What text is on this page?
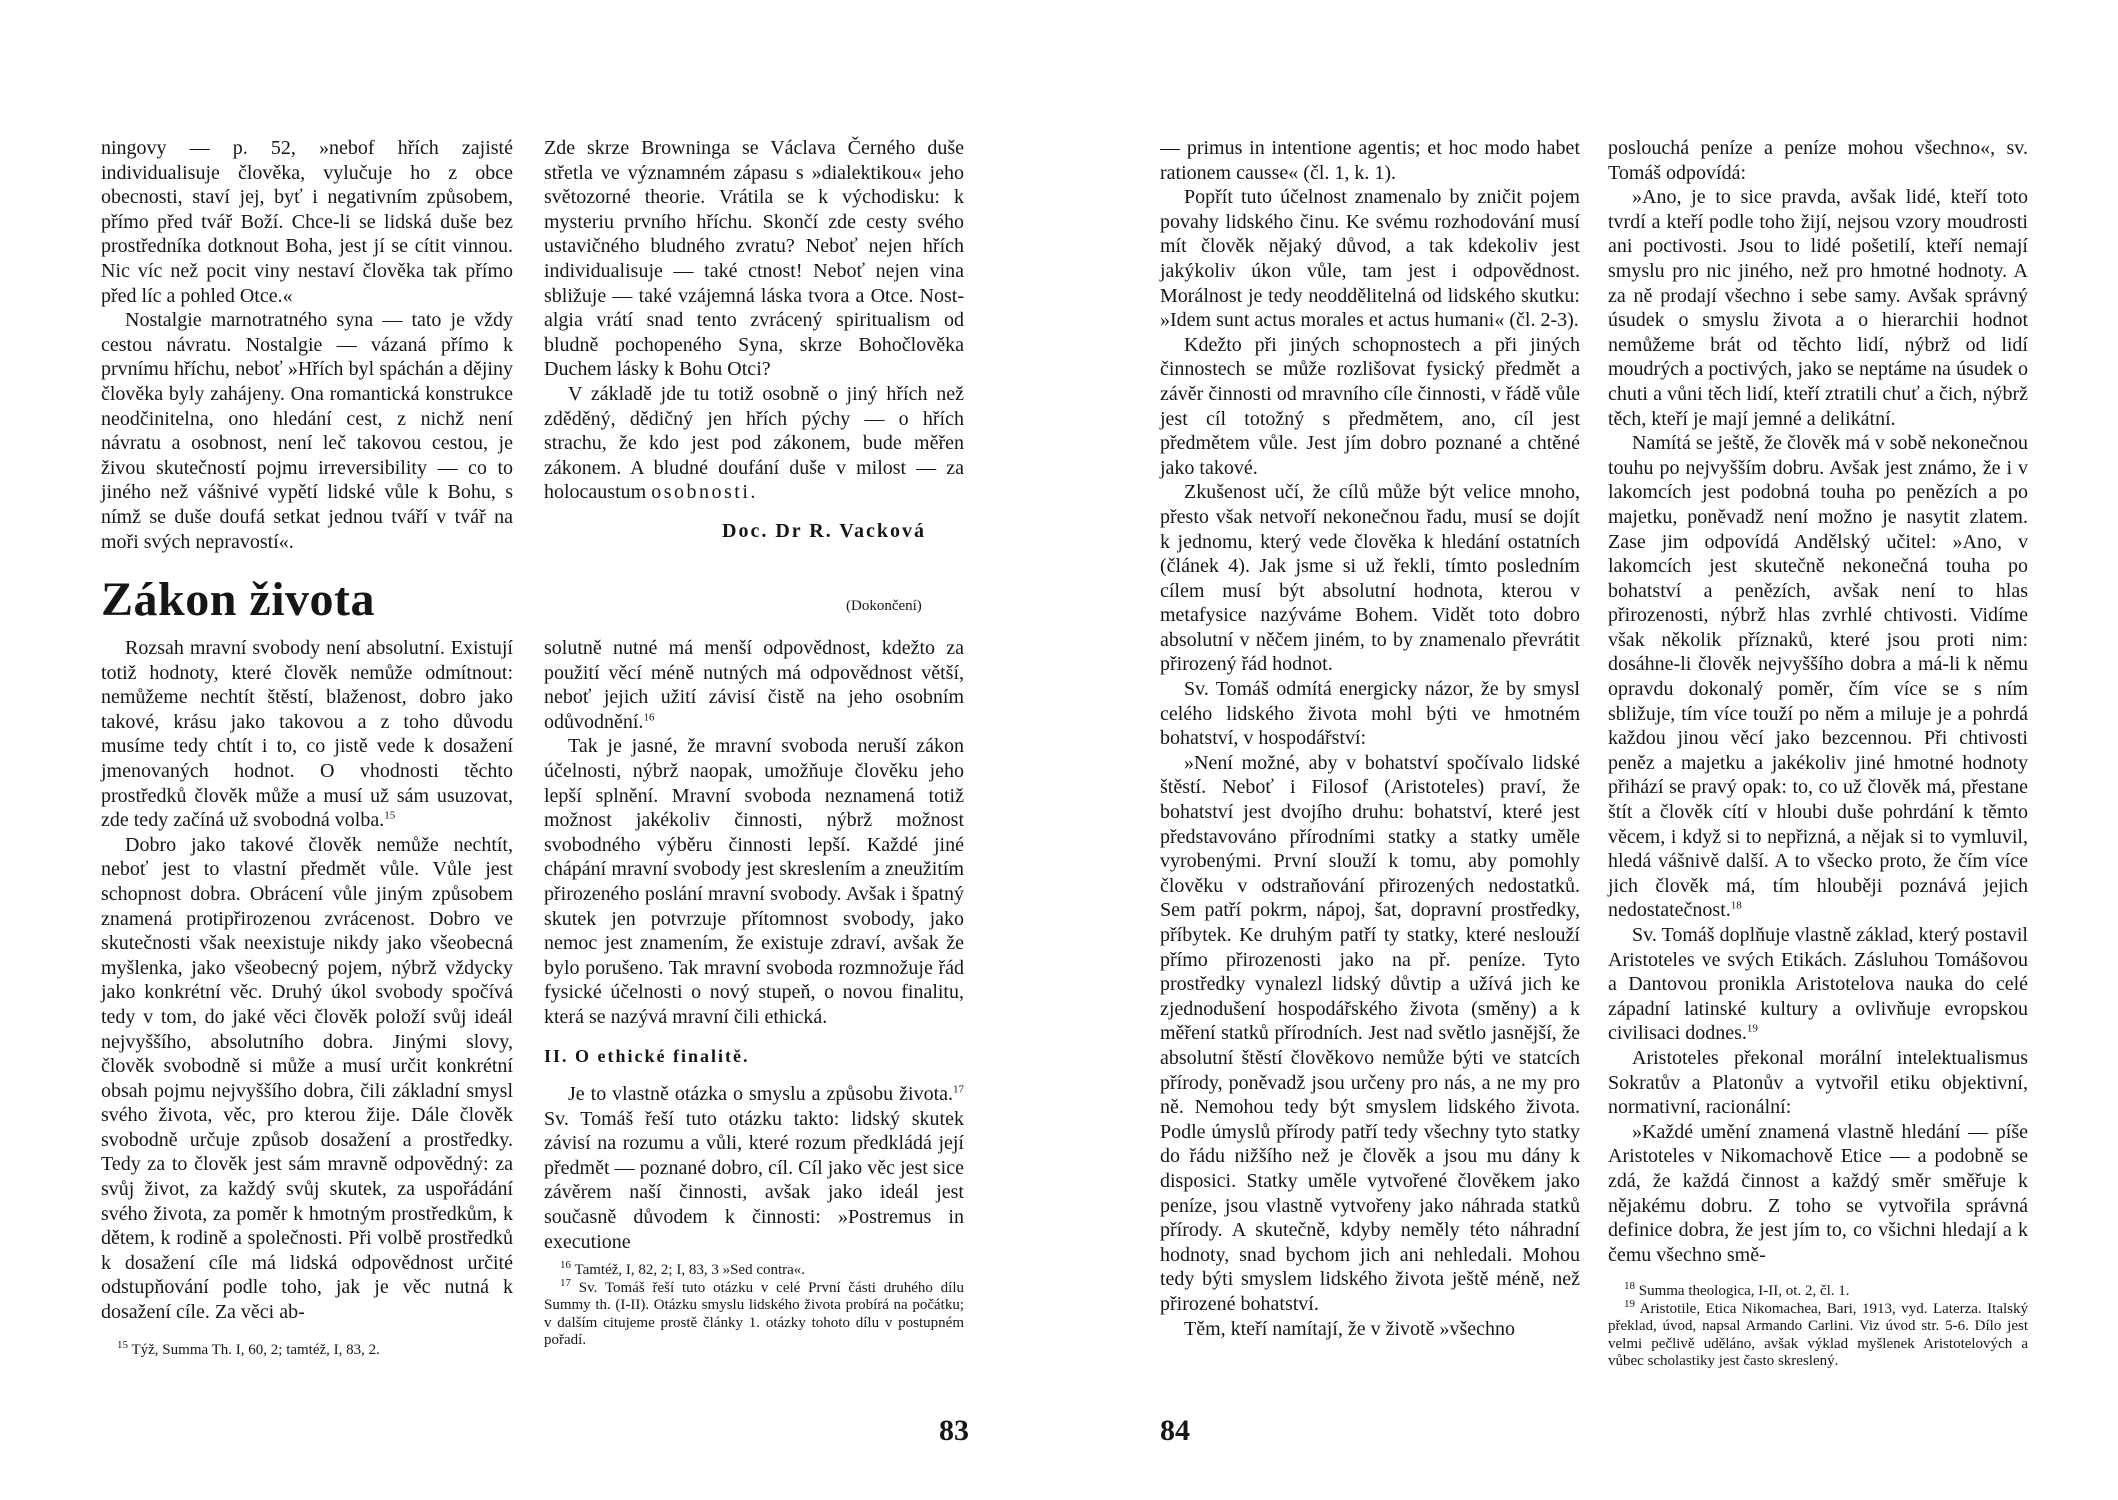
ningovy — p. 52, »nebof hřích zajisté individualisuje člověka, vylučuje ho z obce obecnosti, staví jej, byť i negativním způsobem, přímo před tvář Boží. Chce-li se lidská duše bez prostředníka dotknout Boha, jest jí se cítit vinnou. Nic víc než pocit viny nestaví člověka tak přímo před líc a pohled Otce.«

Nostalgie marnotratného syna — tato je vždy cestou návratu. Nostalgie — vázaná přímo k prvnímu hříchu, neboť »Hřích byl spáchán a dějiny člověka byly zahájeny. Ona romantická konstrukce neodčinitelna, ono hledání cest, z nichž není návratu a osobnost, není leč takovou cestou, je živou skutečností pojmu irreversibility — co to jiného než vášnivé vypětí lidské vůle k Bohu, s nímž se duše doufá setkat jednou tváří v tvář na moři svých nepravostí«.

Zde skrze Browninga se Václava Černého duše střetla ve významném zápasu s »dialektikou« jeho světozorné theorie. Vrátila se k východisku: k mysteriu prvního hříchu. Skončí zde cesty svého ustavičného bludného zvratu? Neboť nejen hřích individualisuje — také ctnost! Neboť nejen vina sbližuje — také vzájemná láska tvora a Otce. Nost- algia vrátí snad tento zvrácený spiritualism od bludně pochopeného Syna, skrze Bohočlověka Duchem lásky k Bohu Otci?

V základě jde tu totiž osobně o jiný hřích než zděděný, dědičný jen hřích pýchy — o hřích strachu, že kdo jest pod zákonem, bude měřen zákonem. A bludné doufání duše v milost — za holocaustum osobnosti.

Doc. Dr R. Vacková
Zákon života	(Dokončení)

Rozsah mravní svobody není absolutní. Existují totiž hodnoty, které člověk nemůže odmítnout: nemůžeme nechtít štěstí, blaženost, dobro jako takové, krásu jako takovou a z toho důvodu musíme tedy chtít i to, co jistě vede k dosažení jmenovaných hodnot. O vhodnosti těchto prostředků člověk může a musí už sám usuzovat, zde tedy začíná už svobodná volba.$^{15}$

Dobro jako takové člověk nemůže nechtít, neboť jest to vlastní předmět vůle. Vůle jest schopnost dobra. Obrácení vůle jiným způsobem znamená protipřirozenou zvrácenost. Dobro ve skutečnosti však neexistuje nikdy jako všeobecná myšlenka, jako všeobecný pojem, nýbrž vždycky jako konkrétní věc. Druhý úkol svobody spočívá tedy v tom, do jaké věci člověk položí svůj ideál nejvyššího, absolutního dobra. Jinými slovy, člověk svobodně si může a musí určit konkrétní obsah pojmu nejvyššího dobra, čili základní smysl svého života, věc, pro kterou žije. Dále člověk svobodně určuje způsob dosažení a prostředky. Tedy za to člověk jest sám mravně odpovědný: za svůj život, za každý svůj skutek, za uspořádání svého života, za poměr k hmotným prostředkům, k dětem, k rodině a společnosti. Při volbě prostředků k dosažení cíle má lidská odpovědnost určité odstupňování podle toho, jak je věc nutná k dosažení cíle. Za věci ab-

solutně nutné má menší odpovědnost, kdežto za použití věcí méně nutných má odpovědnost větší, neboť jejich užití závisí čistě na jeho osobním odůvodnění.$^{16}$

Tak je jasné, že mravní svoboda neruší zákon účelnosti, nýbrž naopak, umožňuje člověku jeho lepší splnění. Mravní svoboda neznamená totiž možnost jakékoliv činnosti, nýbrž možnost svobodného výběru činnosti lepší. Každé jiné chápání mravní svobody jest skreslením a zneužitím přirozeného poslání mravní svobody. Avšak i špatný skutek jen potvrzuje přítomnost svobody, jako nemoc jest znamením, že existuje zdraví, avšak že bylo porušeno. Tak mravní svoboda rozmnožuje řád fysické účelnosti o nový stupeň, o novou finalitu, která se nazývá mravní čili ethická.

II. O ethické finalitě.

Je to vlastně otázka o smyslu a způsobu života.$^{17}$ Sv. Tomáš řeší tuto otázku takto: lidský skutek závisí na rozumu a vůli, které rozum předkládá její předmět — poznané dobro, cíl. Cíl jako věc jest sice závěrem naší činnosti, avšak jako ideál jest současně důvodem k činnosti: »Postremus in executione

$^{15}$ Týž, Summa Th. I, 60, 2; tamtéž, I, 83, 2.

$^{16}$ Tamtéž, I, 82, 2; I, 83, 3 »Sed contra«.

$^{17}$ Sv. Tomáš řeší tuto otázku v celé První části druhého dílu Summy th. (I-II). Otázku smyslu lidského života probírá na počátku; v dalším citujeme prostě články 1. otázky tohoto dílu v postupném pořadí.

83

— primus in intentione agentis; et hoc modo habet rationem causse« (čl. 1, k. 1).

Popřít tuto účelnost znamenalo by zničit pojem povahy lidského činu. Ke svému rozhodování musí mít člověk nějaký důvod, a tak kdekoliv jest jakýkoliv úkon vůle, tam jest i odpovědnost. Morálnost je tedy neoddělitelná od lidského skutku: »Idem sunt actus morales et actus humani« (čl. 2-3).

Kdežto při jiných schopnostech a při jiných činnostech se může rozlišovat fysický předmět a závěr činnosti od mravního cíle činnosti, v řádě vůle jest cíl totožný s předmětem, ano, cíl jest předmětem vůle. Jest jím dobro poznané a chtěné jako takové.

Zkušenost učí, že cílů může být velice mnoho, přesto však netvoří nekonečnou řadu, musí se dojít k jednomu, který vede člověka k hledání ostatních (článek 4). Jak jsme si už řekli, tímto posledním cílem musí být absolutní hodnota, kterou v metafysice nazýváme Bohem. Vidět toto dobro absolutní v něčem jiném, to by znamenalo převrátit přirozený řád hodnot.

Sv. Tomáš odmítá energicky názor, že by smysl celého lidského života mohl býti ve hmotném bohatství, v hospodářství:

»Není možné, aby v bohatství spočívalo lidské štěstí. Neboť i Filosof (Aristoteles) praví, že bohatství jest dvojího druhu: bohatství, které jest představováno přírodními statky a statky uměle vyrobenými. První slouží k tomu, aby pomohly člověku v odstraňování přirozených nedostatků. Sem patří pokrm, nápoj, šat, dopravní prostředky, příbytek. Ke druhým patří ty statky, které neslouží přímo přirozenosti jako na př. peníze. Tyto prostředky vynalezl lidský důvtip a užívá jich ke zjednodušení hospodářského života (směny) a k měření statků přírodních. Jest nad světlo jasnější, že absolutní štěstí člověkovo nemůže býti ve statcích přírody, poněvadž jsou určeny pro nás, a ne my pro ně. Nemohou tedy být smyslem lidského života. Podle úmyslů přírody patří tedy všechny tyto statky do řádu nižšího než je člověk a jsou mu dány k disposici. Statky uměle vytvořené člověkem jako peníze, jsou vlastně vytvořeny jako náhrada statků přírody. A skutečně, kdyby neměly této náhradní hodnoty, snad bychom jich ani nehledali. Mohou tedy býti smyslem lidského života ještě méně, než přirozené bohatství.

Těm, kteří namítají, že v životě »všechno

poslouchá peníze a peníze mohou všechno«, sv. Tomáš odpovídá:

»Ano, je to sice pravda, avšak lidé, kteří toto tvrdí a kteří podle toho žijí, nejsou vzory moudrosti ani poctivosti. Jsou to lidé pošetilí, kteří nemají smyslu pro nic jiného, než pro hmotné hodnoty. A za ně prodají všechno i sebe samy. Avšak správný úsudek o smyslu života a o hierarchii hodnot nemůžeme brát od těchto lidí, nýbrž od lidí moudrých a poctivých, jako se neptáme na úsudek o chuti a vůni těch lidí, kteří ztratili chuť a čich, nýbrž těch, kteří je mají jemné a delikátní.

Namítá se ještě, že člověk má v sobě nekonečnou touhu po nejvyšším dobru. Avšak jest známo, že i v lakomcích jest podobná touha po penězích a po majetku, poněvadž není možno je nasytit zlatem. Zase jim odpovídá Andělský učitel: »Ano, v lakomcích jest skutečně nekonečná touha po bohatství a penězích, avšak není to hlas přirozenosti, nýbrž hlas zvrhlé chtivosti. Vidíme však několik příznaků, které jsou proti nim: dosáhne-li člověk nejvyššího dobra a má-li k němu opravdu dokonalý poměr, čím více se s ním sbližuje, tím více touží po něm a miluje je a pohrdá každou jinou věcí jako bezcennou. Při chtivosti peněz a majetku a jakékoliv jiné hmotné hodnoty přihází se pravý opak: to, co už člověk má, přestane štít a člověk cítí v hloubi duše pohrdání k těmto věcem, i když si to nepřizná, a nějak si to vymluvil, hledá vášnivě další. A to všecko proto, že čím více jich člověk má, tím hlouběji poznává jejich nedostatečnost.$^{18}$

Sv. Tomáš doplňuje vlastně základ, který postavil Aristoteles ve svých Etikách. Zásluhou Tomášovou a Dantovou pronikla Aristotelova nauka do celé západní latinské kultury a ovlivňuje evropskou civilisaci dodnes.$^{19}$

Aristoteles překonal morální intelektualismus Sokratův a Platonův a vytvořil etiku objektivní, normativní, racionální:

»Každé umění znamená vlastně hledání — píše Aristoteles v Nikomachově Etice — a podobně se zdá, že každá činnost a každý směr směřuje k nějakému dobru. Z toho se vytvořila správná definice dobra, že jest jím to, co všichni hledají a k čemu všechno smě-

$^{18}$ Summa theologica, I-II, ot. 2, čl. 1.

$^{19}$ Aristotile, Etica Nikomachea, Bari, 1913, vyd. Laterza. Italský překlad, úvod, napsal Armando Carlini. Viz úvod str. 5-6. Dílo jest velmi pečlivě uděláno, avšak výklad myšlenek Aristotelových a vůbec scholastiky jest často skreslený.

84
